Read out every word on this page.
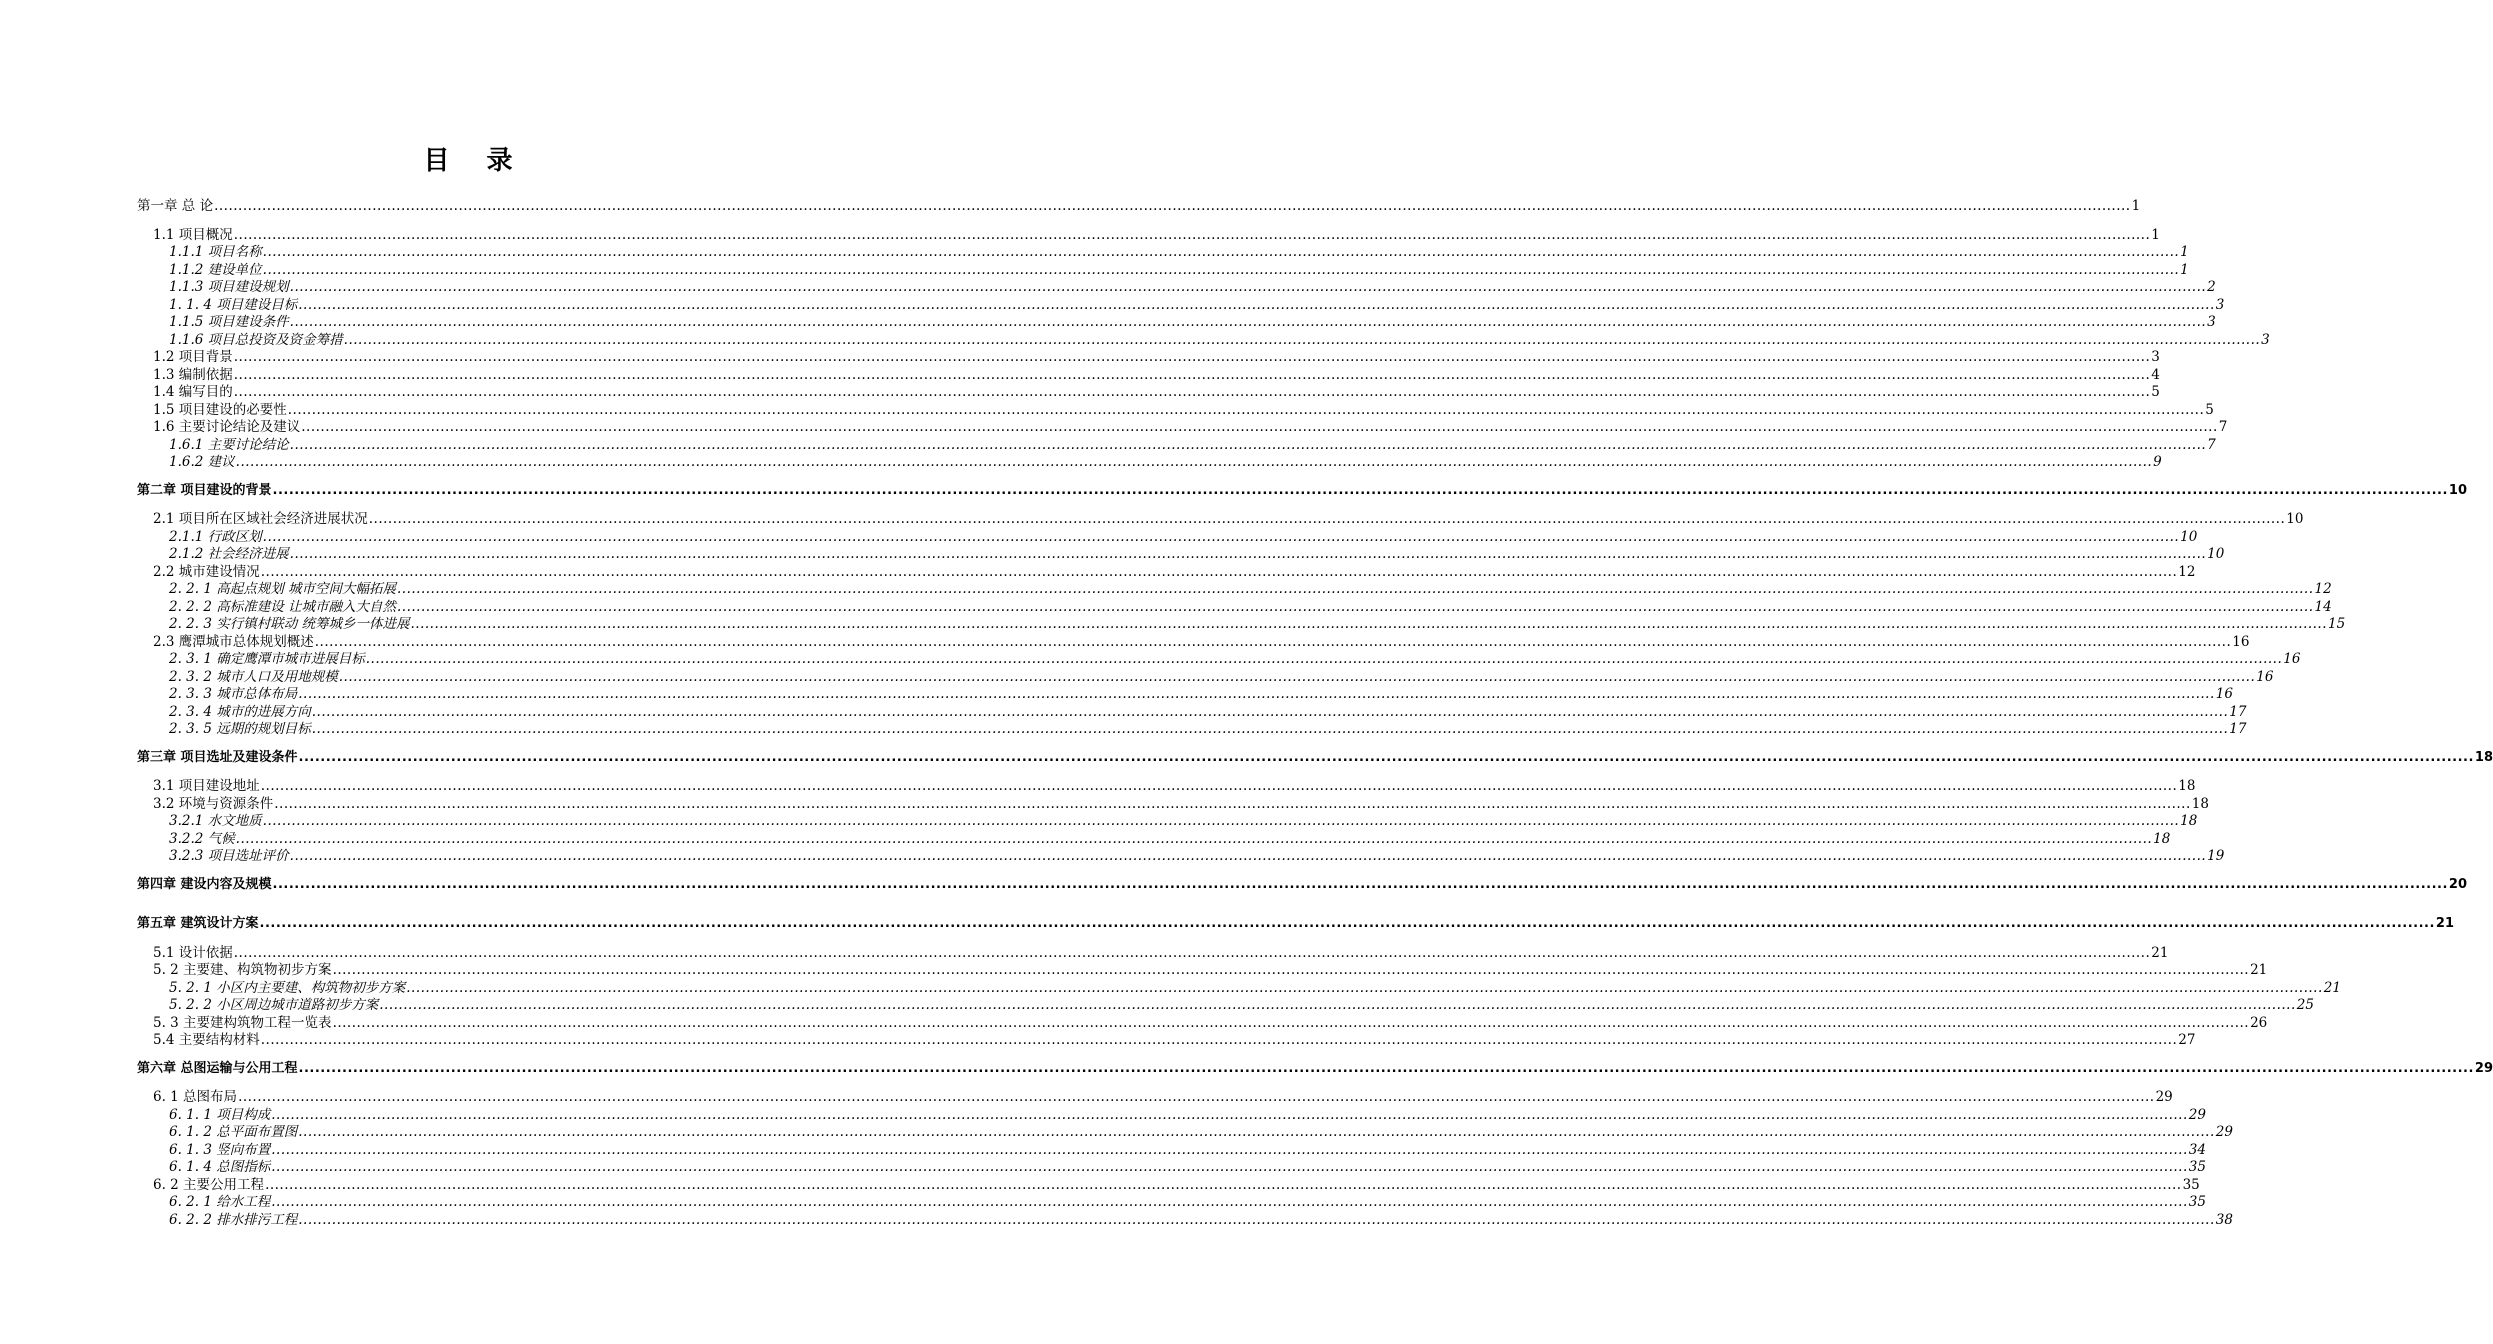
目 录
第一章 总 论 ................................................................................................................................................................................................................................................................................................................................................................................................................ 1
1.1 项目概况 ................................................................................................................................................................................................................................................................................................................................................................................................................ 1
1.1.1 项目名称 ................................................................................................................................................................................................................................................................................................................................................................................................................ 1
1.1.2 建设单位 ................................................................................................................................................................................................................................................................................................................................................................................................................ 1
1.1.3 项目建设规划 ................................................................................................................................................................................................................................................................................................................................................................................................................ 2
1. 1. 4 项目建设目标 ................................................................................................................................................................................................................................................................................................................................................................................................................ 3
1.1.5 项目建设条件 ................................................................................................................................................................................................................................................................................................................................................................................................................ 3
1.1.6 项目总投资及资金筹措 ................................................................................................................................................................................................................................................................................................................................................................................................................ 3
1.2 项目背景 ................................................................................................................................................................................................................................................................................................................................................................................................................ 3
1.3 编制依据 ................................................................................................................................................................................................................................................................................................................................................................................................................ 4
1.4 编写目的 ................................................................................................................................................................................................................................................................................................................................................................................................................ 5
1.5 项目建设的必要性 ................................................................................................................................................................................................................................................................................................................................................................................................................ 5
1.6 主要讨论结论及建议 ................................................................................................................................................................................................................................................................................................................................................................................................................ 7
1.6.1 主要讨论结论 ................................................................................................................................................................................................................................................................................................................................................................................................................ 7
1.6.2 建议 ................................................................................................................................................................................................................................................................................................................................................................................................................ 9
第二章 项目建设的背景 ................................................................................................................................................................................................................................................................................................................................................................................................................ 10
2.1 项目所在区域社会经济进展状况 ................................................................................................................................................................................................................................................................................................................................................................................................................ 10
2.1.1 行政区划 ................................................................................................................................................................................................................................................................................................................................................................................................................ 10
2.1.2 社会经济进展 ................................................................................................................................................................................................................................................................................................................................................................................................................ 10
2.2 城市建设情况 ................................................................................................................................................................................................................................................................................................................................................................................................................ 12
2. 2. 1 高起点规划 城市空间大幅拓展 ................................................................................................................................................................................................................................................................................................................................................................................................................ 12
2. 2. 2 高标准建设 让城市融入大自然 ................................................................................................................................................................................................................................................................................................................................................................................................................ 14
2. 2. 3 实行镇村联动 统筹城乡一体进展 ................................................................................................................................................................................................................................................................................................................................................................................................................ 15
2.3 鹰潭城市总体规划概述 ................................................................................................................................................................................................................................................................................................................................................................................................................ 16
2. 3. 1 确定鹰潭市城市进展目标 ................................................................................................................................................................................................................................................................................................................................................................................................................ 16
2. 3. 2 城市人口及用地规模 ................................................................................................................................................................................................................................................................................................................................................................................................................ 16
2. 3. 3 城市总体布局 ................................................................................................................................................................................................................................................................................................................................................................................................................ 16
2. 3. 4 城市的进展方向 ................................................................................................................................................................................................................................................................................................................................................................................................................ 17
2. 3. 5 远期的规划目标 ................................................................................................................................................................................................................................................................................................................................................................................................................ 17
第三章 项目选址及建设条件 ................................................................................................................................................................................................................................................................................................................................................................................................................ 18
3.1 项目建设地址 ................................................................................................................................................................................................................................................................................................................................................................................................................ 18
3.2 环境与资源条件 ................................................................................................................................................................................................................................................................................................................................................................................................................ 18
3.2.1 水文地质 ................................................................................................................................................................................................................................................................................................................................................................................................................ 18
3.2.2 气候 ................................................................................................................................................................................................................................................................................................................................................................................................................ 18
3.2.3 项目选址评价 ................................................................................................................................................................................................................................................................................................................................................................................................................ 19
第四章 建设内容及规模 ................................................................................................................................................................................................................................................................................................................................................................................................................ 20
第五章 建筑设计方案 ................................................................................................................................................................................................................................................................................................................................................................................................................ 21
5.1 设计依据 ................................................................................................................................................................................................................................................................................................................................................................................................................ 21
5. 2 主要建、构筑物初步方案 ................................................................................................................................................................................................................................................................................................................................................................................................................ 21
5. 2. 1 小区内主要建、构筑物初步方案 ................................................................................................................................................................................................................................................................................................................................................................................................................ 21
5. 2. 2 小区周边城市道路初步方案 ................................................................................................................................................................................................................................................................................................................................................................................................................ 25
5. 3 主要建构筑物工程一览表 ................................................................................................................................................................................................................................................................................................................................................................................................................ 26
5.4 主要结构材料 ................................................................................................................................................................................................................................................................................................................................................................................................................ 27
第六章 总图运输与公用工程 ................................................................................................................................................................................................................................................................................................................................................................................................................ 29
6. 1 总图布局 ................................................................................................................................................................................................................................................................................................................................................................................................................ 29
6. 1. 1 项目构成 ................................................................................................................................................................................................................................................................................................................................................................................................................ 29
6. 1. 2 总平面布置图 ................................................................................................................................................................................................................................................................................................................................................................................................................ 29
6. 1. 3 竖向布置 ................................................................................................................................................................................................................................................................................................................................................................................................................ 34
6. 1. 4 总图指标 ................................................................................................................................................................................................................................................................................................................................................................................................................ 35
6. 2 主要公用工程 ................................................................................................................................................................................................................................................................................................................................................................................................................ 35
6. 2. 1 给水工程 ................................................................................................................................................................................................................................................................................................................................................................................................................ 35
6. 2. 2 排水排污工程 ................................................................................................................................................................................................................................................................................................................................................................................................................ 38
